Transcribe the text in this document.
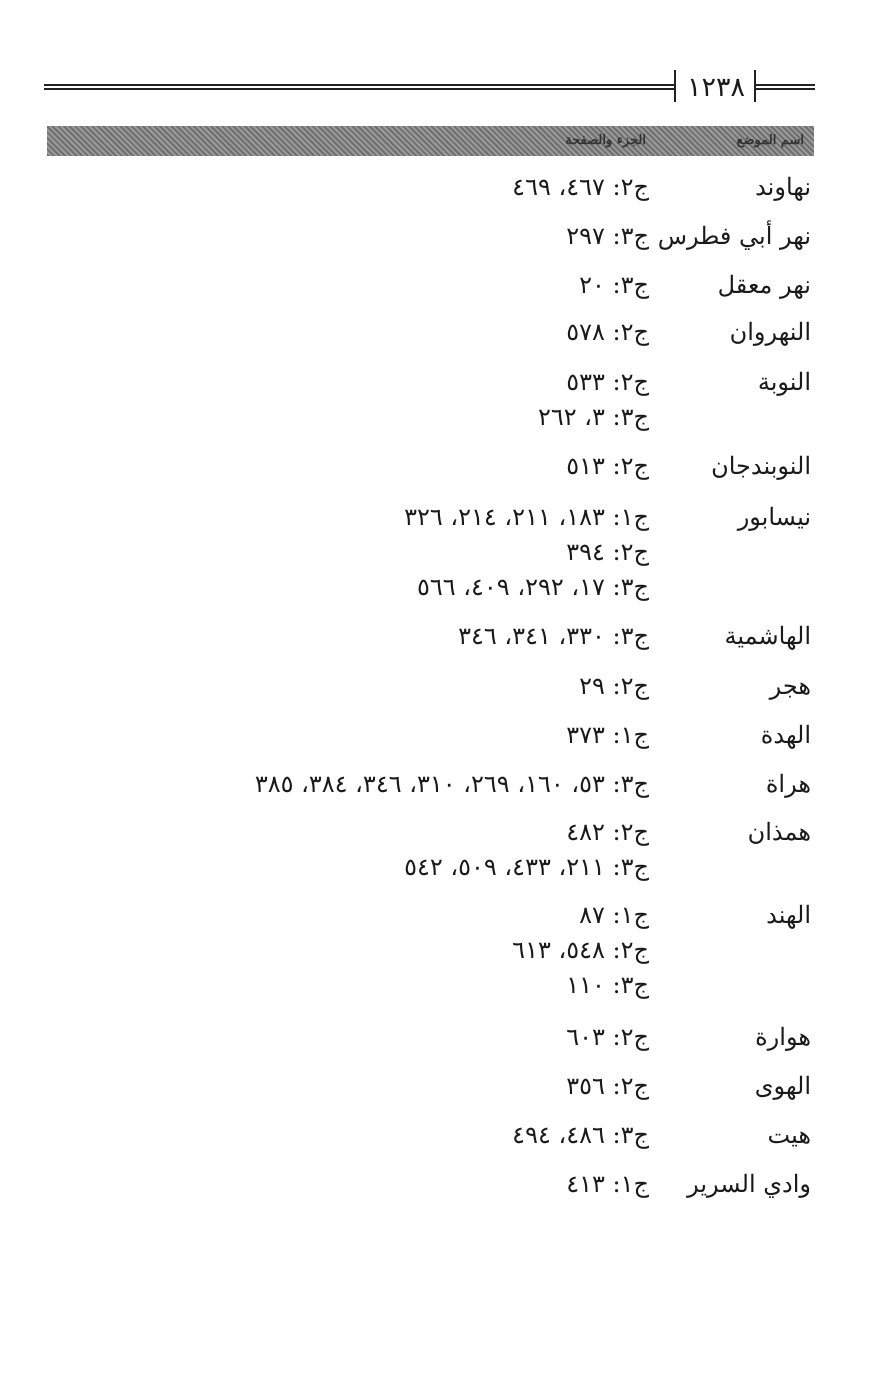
١٢٣٨
اسم الموضع
الجزء والصفحة
نهاوند
ج٢: ٤٦٧، ٤٦٩
نهر أبي فطرس
ج٣: ٢٩٧
نهر معقل
ج٣: ٢٠
النهروان
ج٢: ٥٧٨
النوبة
ج٢: ٥٣٣
ج٣: ٣، ٢٦٢
النوبندجان
ج٢: ٥١٣
نيسابور
ج١: ١٨٣، ٢١١، ٢١٤، ٣٢٦
ج٢: ٣٩٤
ج٣: ١٧، ٢٩٢، ٤٠٩، ٥٦٦
الهاشمية
ج٣: ٣٣٠، ٣٤١، ٣٤٦
هجر
ج٢: ٢٩
الهدة
ج١: ٣٧٣
هراة
ج٣: ٥٣، ١٦٠، ٢٦٩، ٣١٠، ٣٤٦، ٣٨٤، ٣٨٥
همذان
ج٢: ٤٨٢
ج٣: ٢١١، ٤٣٣، ٥٠٩، ٥٤٢
الهند
ج١: ٨٧
ج٢: ٥٤٨، ٦١٣
ج٣: ١١٠
هوارة
ج٢: ٦٠٣
الهوى
ج٢: ٣٥٦
هيت
ج٣: ٤٨٦، ٤٩٤
وادي السرير
ج١: ٤١٣
